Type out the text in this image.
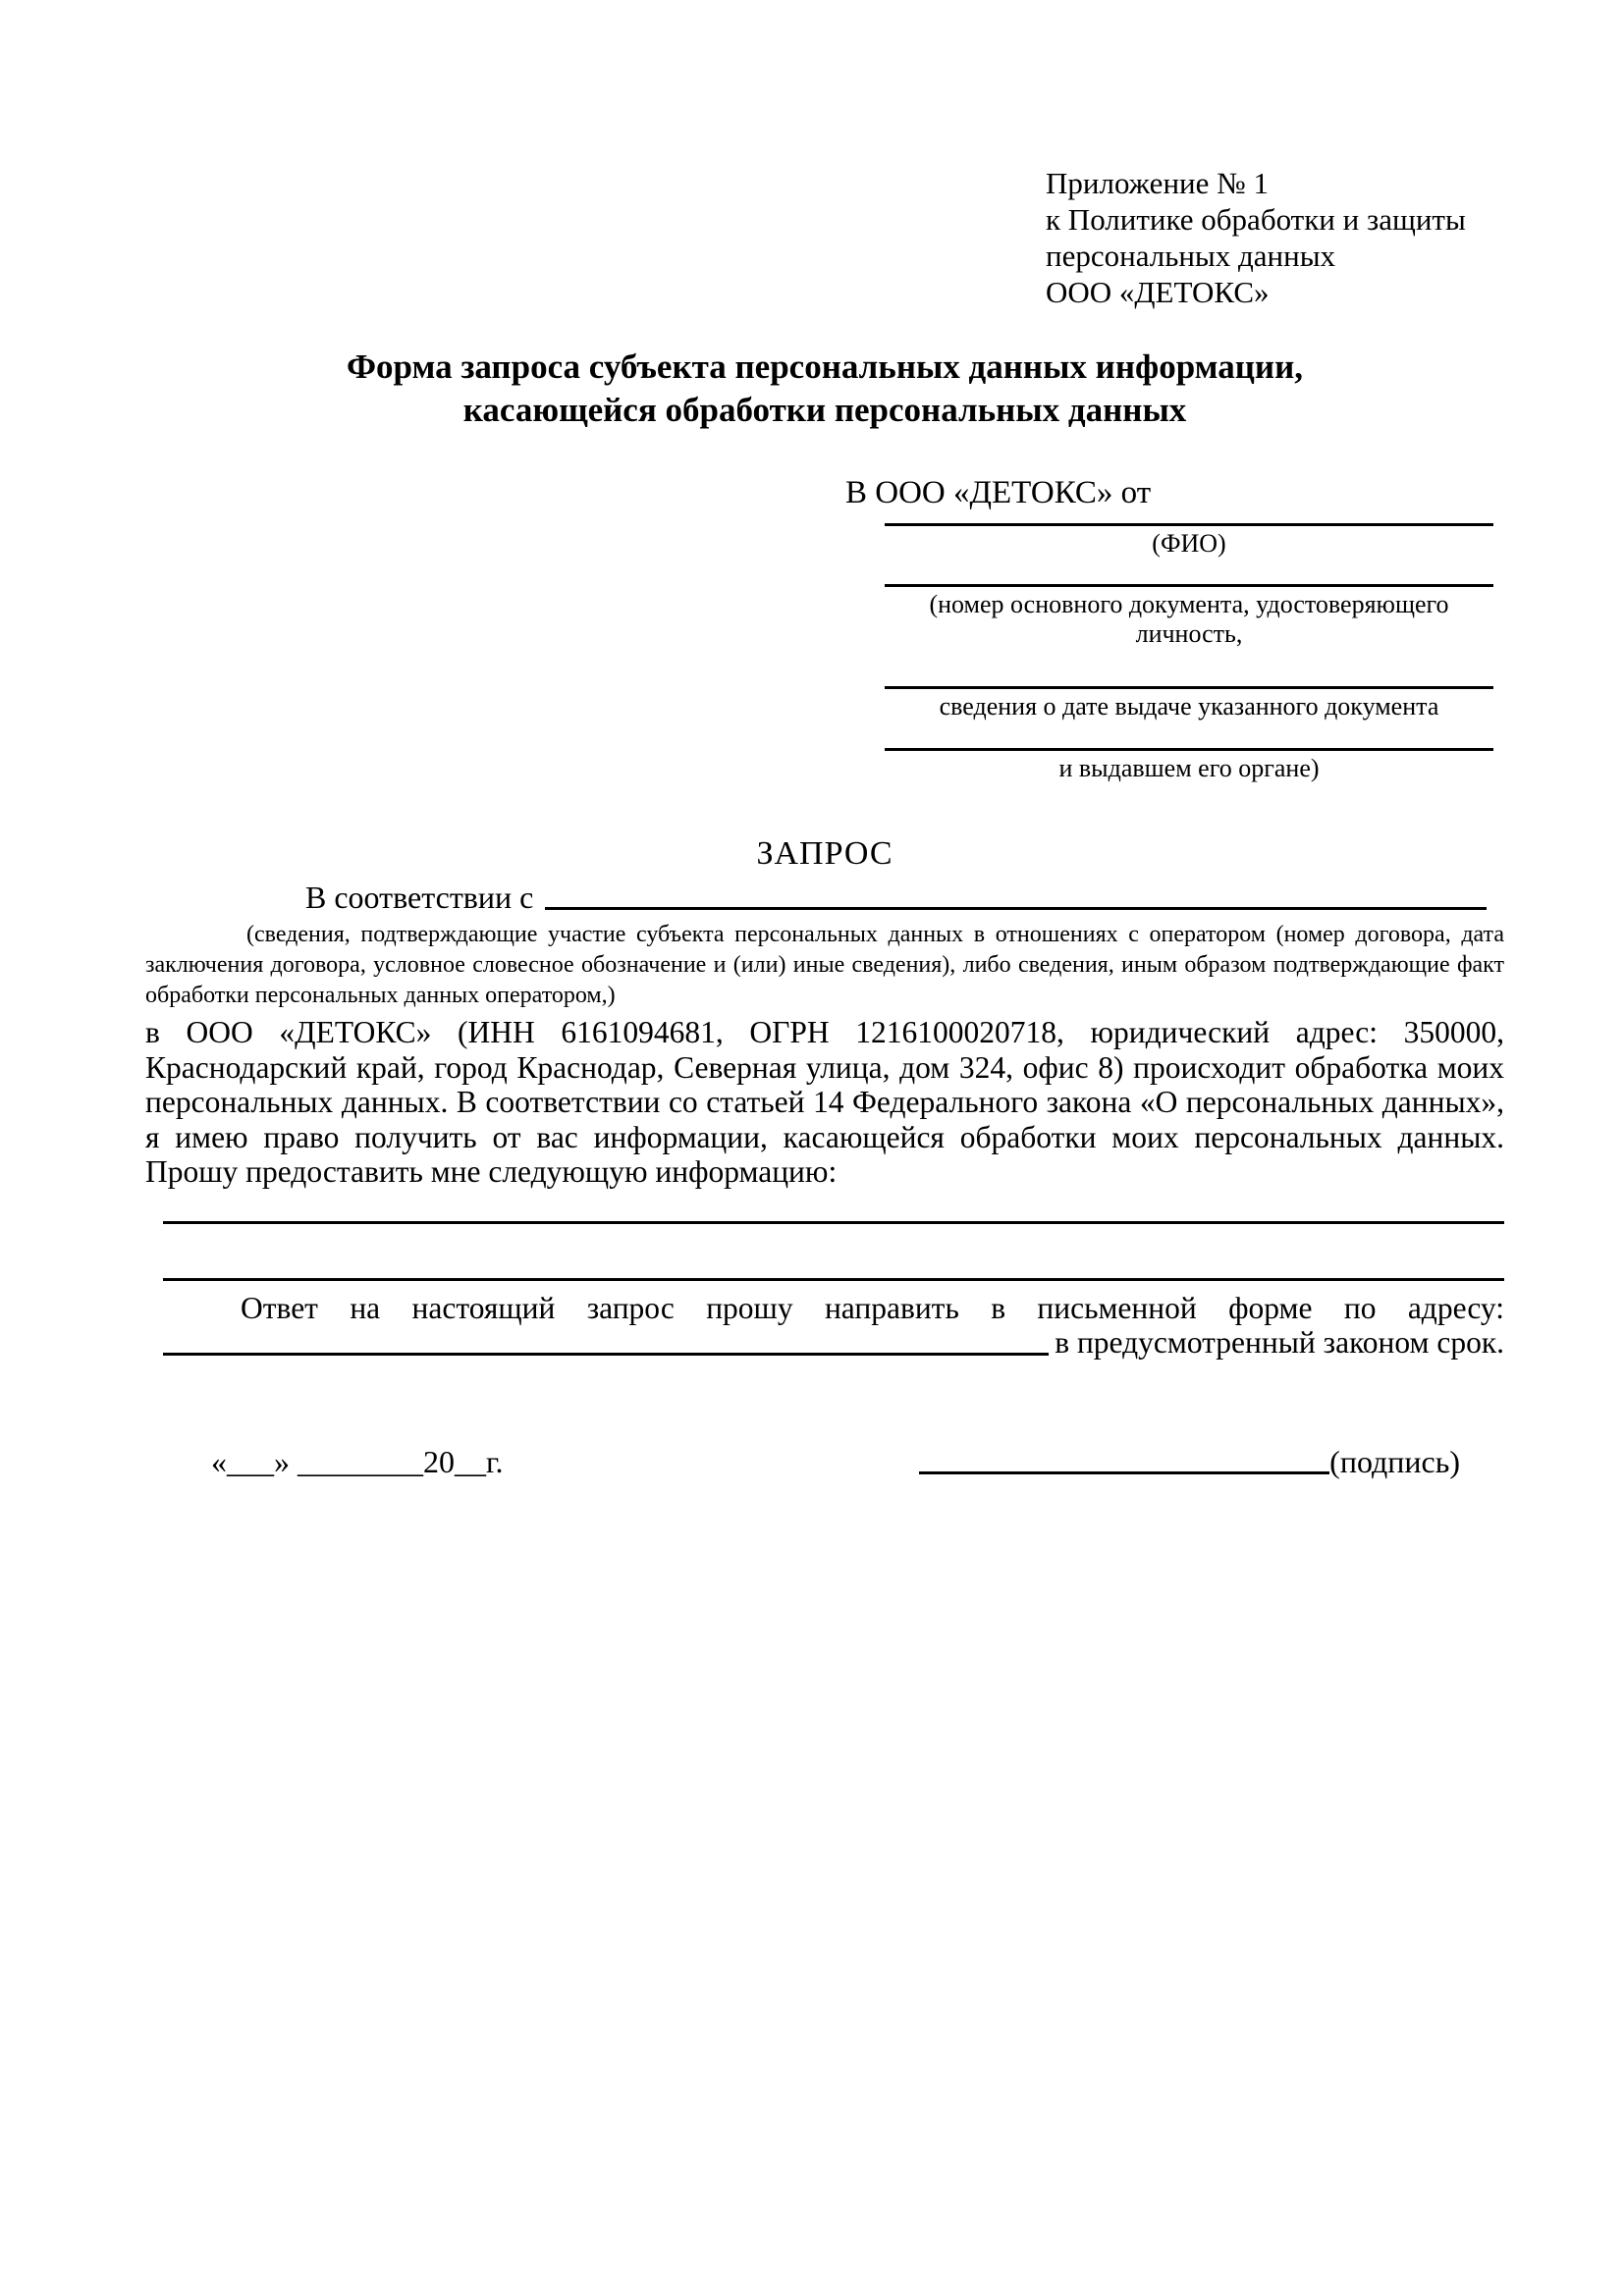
Приложение № 1
к Политике обработки и защиты
персональных данных
ООО «ДЕТОКС»
Форма запроса субъекта персональных данных информации,
касающейся обработки персональных данных
В ООО «ДЕТОКС» от
(ФИО)
(номер основного документа, удостоверяющего личность,
сведения о дате выдаче указанного документа
и выдавшем его органе)
ЗАПРОС
В соответствии с

(сведения, подтверждающие участие субъекта персональных данных в отношениях с оператором (номер договора, дата заключения договора, условное словесное обозначение и (или) иные сведения), либо сведения, иным образом подтверждающие факт обработки персональных данных оператором,)

в ООО «ДЕТОКС» (ИНН 6161094681, ОГРН 1216100020718, юридический адрес: 350000, Краснодарский край, город Краснодар, Северная улица, дом 324, офис 8) происходит обработка моих персональных данных. В соответствии со статьей 14 Федерального закона «О персональных данных», я имею право получить от вас информации, касающейся обработки моих персональных данных. Прошу предоставить мне следующую информацию:

Ответ на настоящий запрос прошу направить в письменной форме по адресу:

в предусмотренный законом срок.
«___» ________20__г.	(подпись)
